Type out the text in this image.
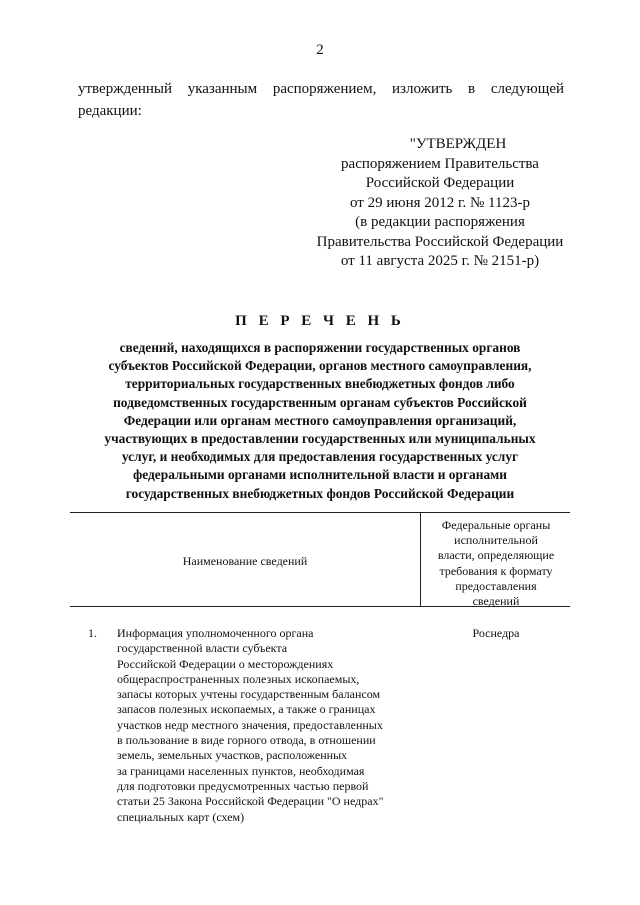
2
утвержденный указанным распоряжением, изложить в следующей
редакции:
"УТВЕРЖДЕН
распоряжением Правительства
Российской Федерации
от 29 июня 2012 г. № 1123-р
(в редакции распоряжения
Правительства Российской Федерации
от 11 августа 2025 г. № 2151-р)
П Е Р Е Ч Е Н Ь
сведений, находящихся в распоряжении государственных органов
субъектов Российской Федерации, органов местного самоуправления,
территориальных государственных внебюджетных фондов либо
подведомственных государственным органам субъектов Российской
Федерации или органам местного самоуправления организаций,
участвующих в предоставлении государственных или муниципальных
услуг, и необходимых для предоставления государственных услуг
федеральными органами исполнительной власти и органами
государственных внебюджетных фондов Российской Федерации
Наименование сведений
Федеральные органы
исполнительной
власти, определяющие
требования к формату
предоставления
сведений
1. Информация уполномоченного органа
государственной власти субъекта
Российской Федерации о месторождениях
общераспространенных полезных ископаемых,
запасы которых учтены государственным балансом
запасов полезных ископаемых, а также о границах
участков недр местного значения, предоставленных
в пользование в виде горного отвода, в отношении
земель, земельных участков, расположенных
за границами населенных пунктов, необходимая
для подготовки предусмотренных частью первой
статьи 25 Закона Российской Федерации "О недрах"
специальных карт (схем)
Роснедра
